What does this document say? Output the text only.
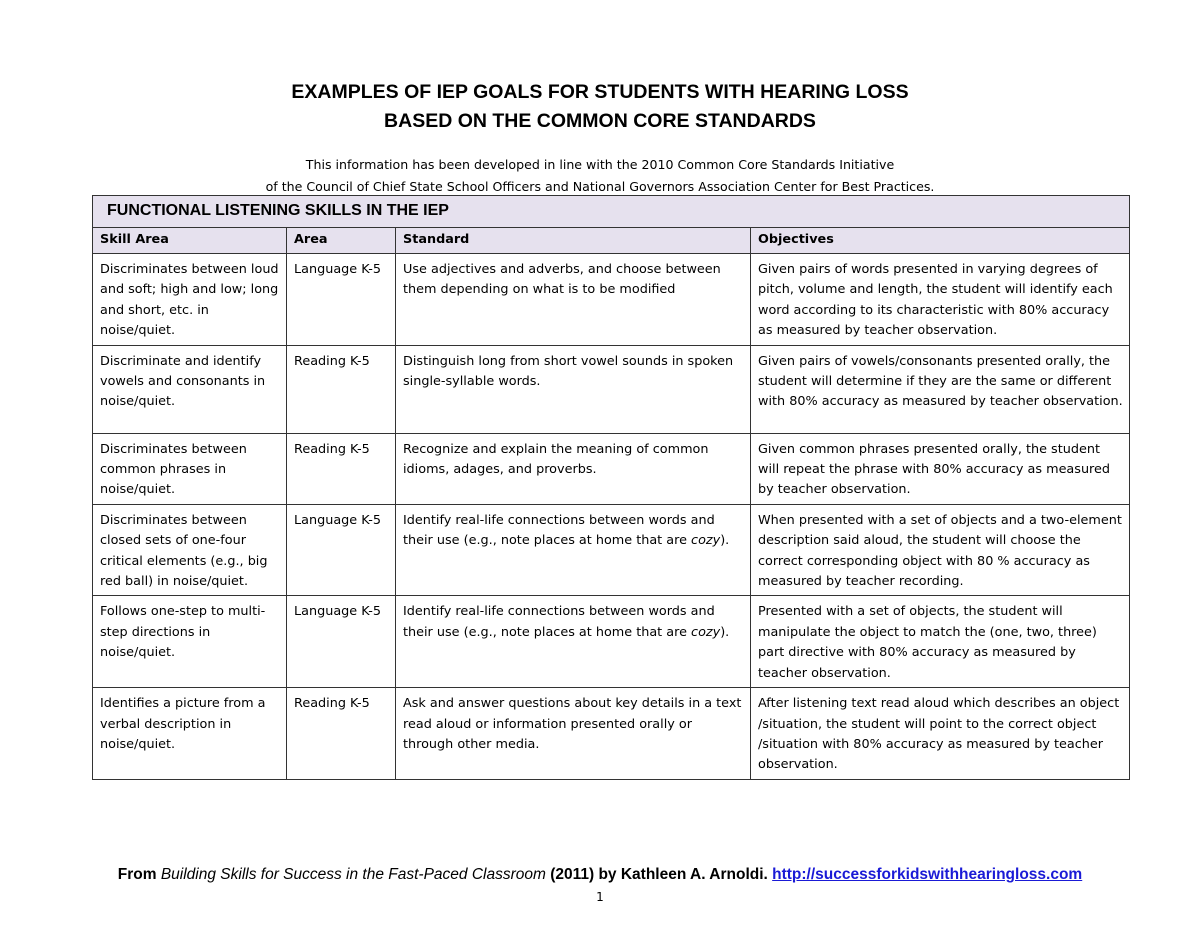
EXAMPLES OF IEP GOALS FOR STUDENTS WITH HEARING LOSS
BASED ON THE COMMON CORE STANDARDS
This information has been developed in line with the 2010 Common Core Standards Initiative
of the Council of Chief State School Officers and National Governors Association Center for Best Practices.
FUNCTIONAL LISTENING SKILLS IN THE IEP			
Skill Area	Area	Standard	Objectives
Discriminates between loud and soft; high and low; long and short, etc. in noise/quiet.	Language K-5	Use adjectives and adverbs, and choose between them depending on what is to be modified	Given pairs of words presented in varying degrees of pitch, volume and length, the student will identify each word according to its characteristic with 80% accuracy as measured by teacher observation.
Discriminate and identify vowels and consonants in noise/quiet.	Reading K-5	Distinguish long from short vowel sounds in spoken single-syllable words.	Given pairs of vowels/consonants presented orally, the student will determine if they are the same or different with 80% accuracy as measured by teacher observation.
Discriminates between common phrases in noise/quiet.	Reading K-5	Recognize and explain the meaning of common idioms, adages, and proverbs.	Given common phrases presented orally, the student will repeat the phrase with 80% accuracy as measured by teacher observation.
Discriminates between closed sets of one-four critical elements (e.g., big red ball) in noise/quiet.	Language K-5	Identify real-life connections between words and their use (e.g., note places at home that are cozy).	When presented with a set of objects and a two-element description said aloud, the student will choose the correct corresponding object with 80 % accuracy as measured by teacher recording.
Follows one-step to multi-step directions in noise/quiet.	Language K-5	Identify real-life connections between words and their use (e.g., note places at home that are cozy).	Presented with a set of objects, the student will manipulate the object to match the (one, two, three) part directive with 80% accuracy as measured by teacher observation.
Identifies a picture from a verbal description in noise/quiet.	Reading K-5	Ask and answer questions about key details in a text read aloud or information presented orally or through other media.	After listening text read aloud which describes an object /situation, the student will point to the correct object /situation with 80% accuracy as measured by teacher observation.
From Building Skills for Success in the Fast-Paced Classroom (2011) by Kathleen A. Arnoldi. http://successforkidswithhearingloss.com
1
